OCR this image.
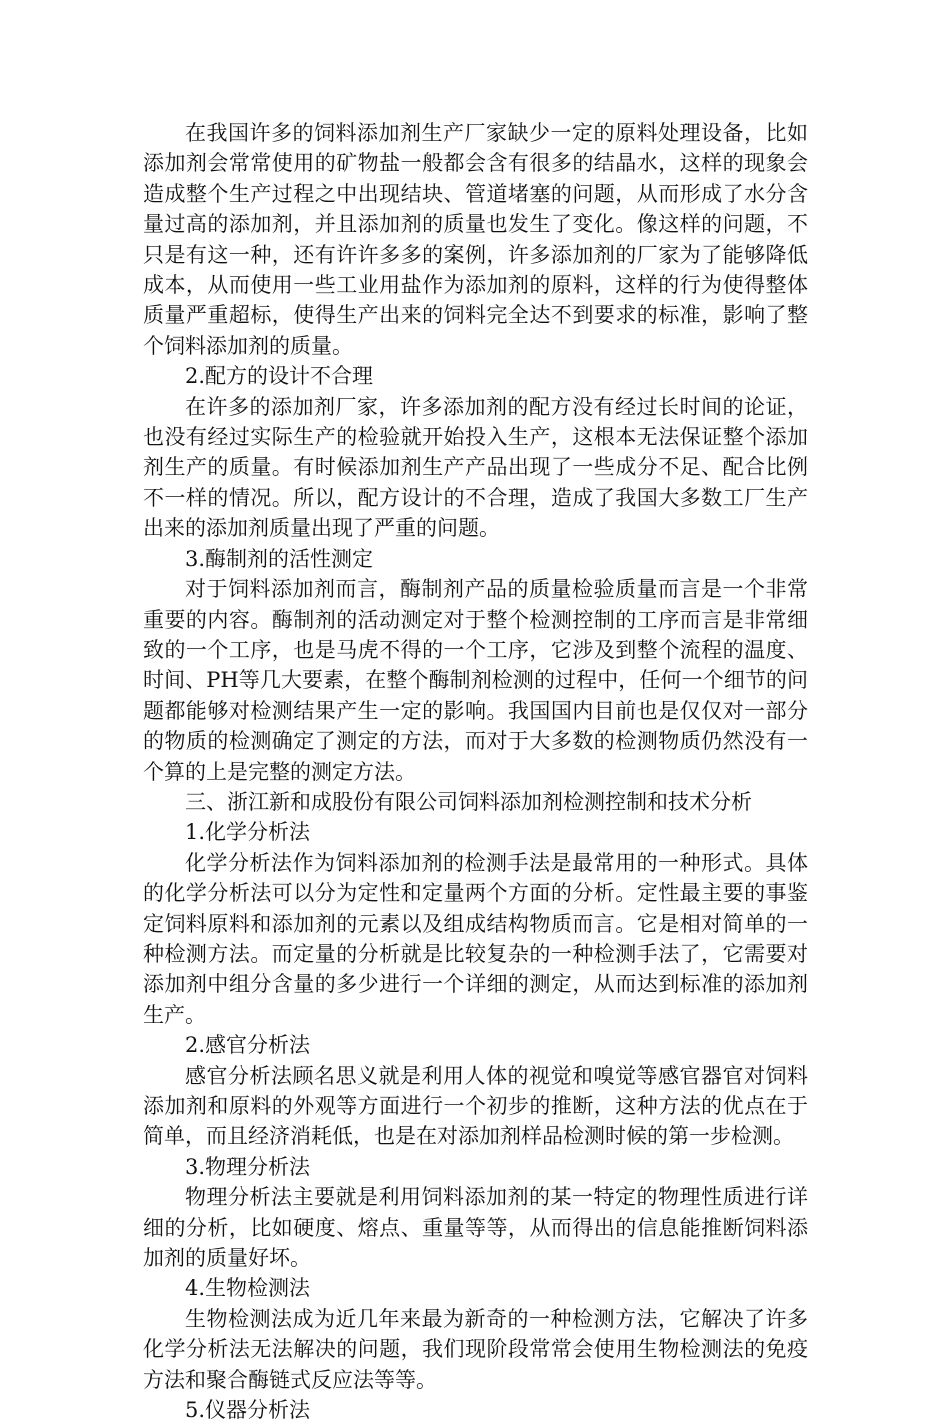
在我国许多的饲料添加剂生产厂家缺少一定的原料处理设备，比如添加剂会常常使用的矿物盐一般都会含有很多的结晶水，这样的现象会造成整个生产过程之中出现结块、管道堵塞的问题，从而形成了水分含量过高的添加剂，并且添加剂的质量也发生了变化。像这样的问题，不只是有这一种，还有许许多多的案例，许多添加剂的厂家为了能够降低成本，从而使用一些工业用盐作为添加剂的原料，这样的行为使得整体质量严重超标，使得生产出来的饲料完全达不到要求的标准，影响了整个饲料添加剂的质量。

2.配方的设计不合理

在许多的添加剂厂家，许多添加剂的配方没有经过长时间的论证，也没有经过实际生产的检验就开始投入生产，这根本无法保证整个添加剂生产的质量。有时候添加剂生产产品出现了一些成分不足、配合比例不一样的情况。所以，配方设计的不合理，造成了我国大多数工厂生产出来的添加剂质量出现了严重的问题。

3.酶制剂的活性测定

对于饲料添加剂而言，酶制剂产品的质量检验质量而言是一个非常重要的内容。酶制剂的活动测定对于整个检测控制的工序而言是非常细致的一个工序，也是马虎不得的一个工序，它涉及到整个流程的温度、时间、PH等几大要素，在整个酶制剂检测的过程中，任何一个细节的问题都能够对检测结果产生一定的影响。我国国内目前也是仅仅对一部分的物质的检测确定了测定的方法，而对于大多数的检测物质仍然没有一个算的上是完整的测定方法。

三、浙江新和成股份有限公司饲料添加剂检测控制和技术分析

1.化学分析法

化学分析法作为饲料添加剂的检测手法是最常用的一种形式。具体的化学分析法可以分为定性和定量两个方面的分析。定性最主要的事鉴定饲料原料和添加剂的元素以及组成结构物质而言。它是相对简单的一种检测方法。而定量的分析就是比较复杂的一种检测手法了，它需要对添加剂中组分含量的多少进行一个详细的测定，从而达到标准的添加剂生产。

2.感官分析法

感官分析法顾名思义就是利用人体的视觉和嗅觉等感官器官对饲料添加剂和原料的外观等方面进行一个初步的推断，这种方法的优点在于简单，而且经济消耗低，也是在对添加剂样品检测时候的第一步检测。

3.物理分析法

物理分析法主要就是利用饲料添加剂的某一特定的物理性质进行详细的分析，比如硬度、熔点、重量等等，从而得出的信息能推断饲料添加剂的质量好坏。

4.生物检测法

生物检测法成为近几年来最为新奇的一种检测方法，它解决了许多化学分析法无法解决的问题，我们现阶段常常会使用生物检测法的免疫方法和聚合酶链式反应法等等。

5.仪器分析法
